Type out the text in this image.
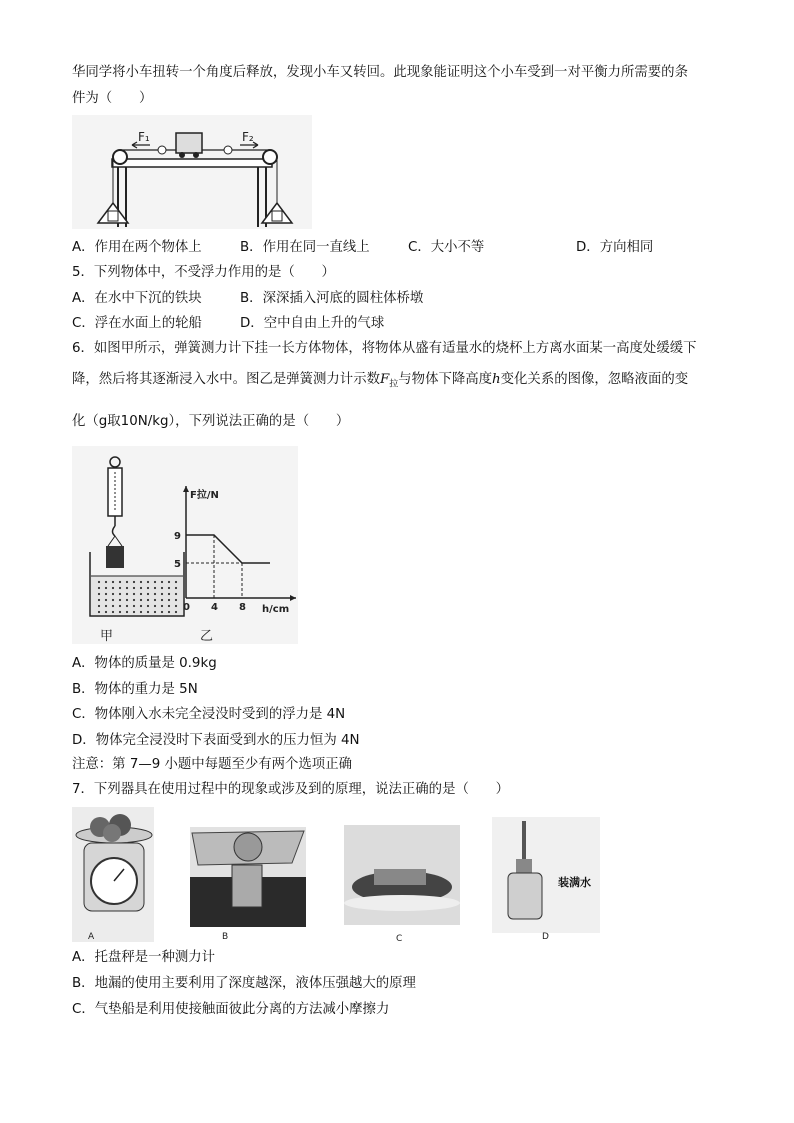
华同学将小车扭转一个角度后释放，发现小车又转回。此现象能证明这个小车受到一对平衡力所需要的条
件为（　　）
F₁	F₂
A．作用在两个物体上	B．作用在同一直线上	C．大小不等	D．方向相同
5．下列物体中，不受浮力作用的是（　　）
A．在水中下沉的铁块	B．深深插入河底的圆柱体桥墩
C．浮在水面上的轮船	D．空中自由上升的气球
6．如图甲所示，弹簧测力计下挂一长方体物体，将物体从盛有适量水的烧杯上方离水面某一高度处缓缓下
降，然后将其逐渐浸入水中。图乙是弹簧测力计示数$F_拉$与物体下降高度h变化关系的图像，忽略液面的变
化（g取10N/kg），下列说法正确的是（　　）
甲
0 4 8
5
9
F拉/N
h/cm
乙
A．物体的质量是 0.9kg
B．物体的重力是 5N
C．物体刚入水未完全浸没时受到的浮力是 4N
D．物体完全浸没时下表面受到水的压力恒为 4N
注意：第 7—9 小题中每题至少有两个选项正确
7．下列器具在使用过程中的现象或涉及到的原理，说法正确的是（　　）
A	B	C
装满水
D
A．托盘秤是一种测力计
B．地漏的使用主要利用了深度越深，液体压强越大的原理
C．气垫船是利用使接触面彼此分离的方法减小摩擦力
